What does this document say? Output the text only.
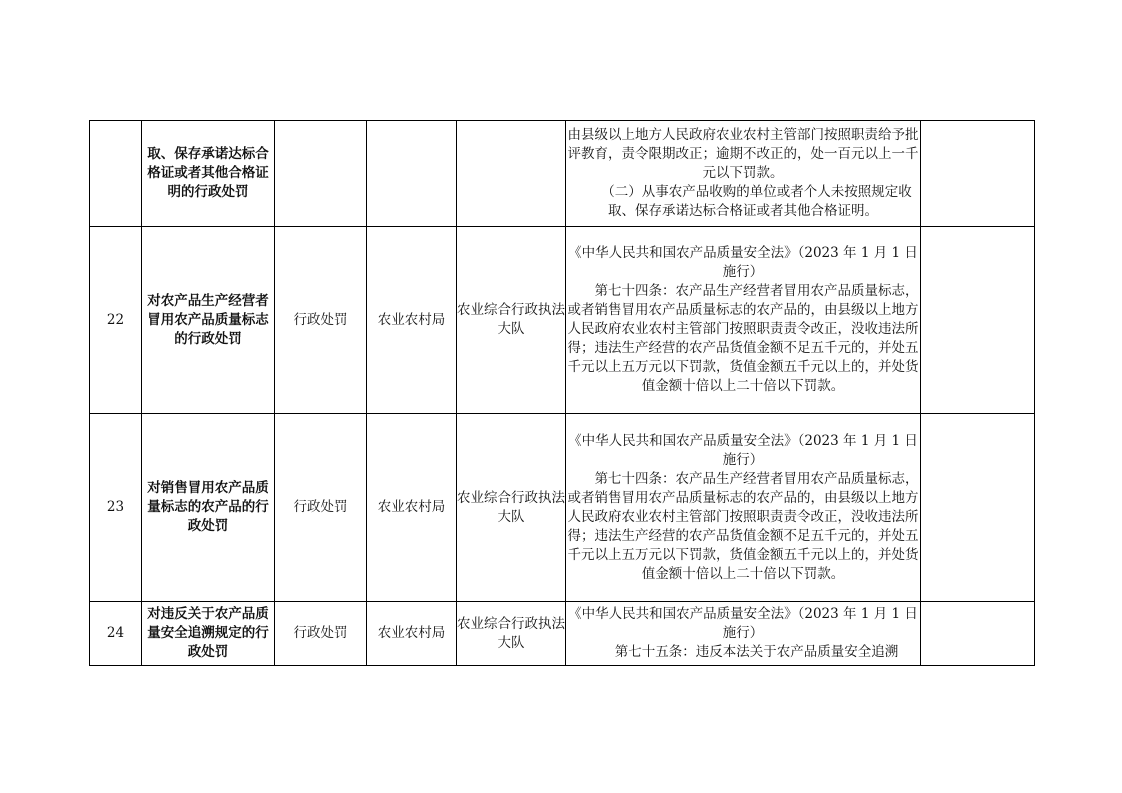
	取、保存承诺达标合格证或者其他合格证明的行政处罚				由县级以上地方人民政府农业农村主管部门按照职责给予批评教育，责令限期改正；逾期不改正的，处一百元以上一千元以下罚款。

（二）从事农产品收购的单位或者个人未按照规定收取、保存承诺达标合格证或者其他合格证明。	

22	对农产品生产经营者冒用农产品质量标志的行政处罚	行政处罚	农业农村局	农业综合行政执法大队	《中华人民共和国农产品质量安全法》（2023 年 1 月 1 日施行）

第七十四条：农产品生产经营者冒用农产品质量标志，或者销售冒用农产品质量标志的农产品的，由县级以上地方人民政府农业农村主管部门按照职责责令改正，没收违法所得；违法生产经营的农产品货值金额不足五千元的，并处五千元以上五万元以下罚款，货值金额五千元以上的，并处货值金额十倍以上二十倍以下罚款。	

23	对销售冒用农产品质量标志的农产品的行政处罚	行政处罚	农业农村局	农业综合行政执法大队	《中华人民共和国农产品质量安全法》（2023 年 1 月 1 日施行）

第七十四条：农产品生产经营者冒用农产品质量标志，或者销售冒用农产品质量标志的农产品的，由县级以上地方人民政府农业农村主管部门按照职责责令改正，没收违法所得；违法生产经营的农产品货值金额不足五千元的，并处五千元以上五万元以下罚款，货值金额五千元以上的，并处货值金额十倍以上二十倍以下罚款。	

24	对违反关于农产品质量安全追溯规定的行政处罚	行政处罚	农业农村局	农业综合行政执法大队	《中华人民共和国农产品质量安全法》（2023 年 1 月 1 日施行）

第七十五条：违反本法关于农产品质量安全追溯	
